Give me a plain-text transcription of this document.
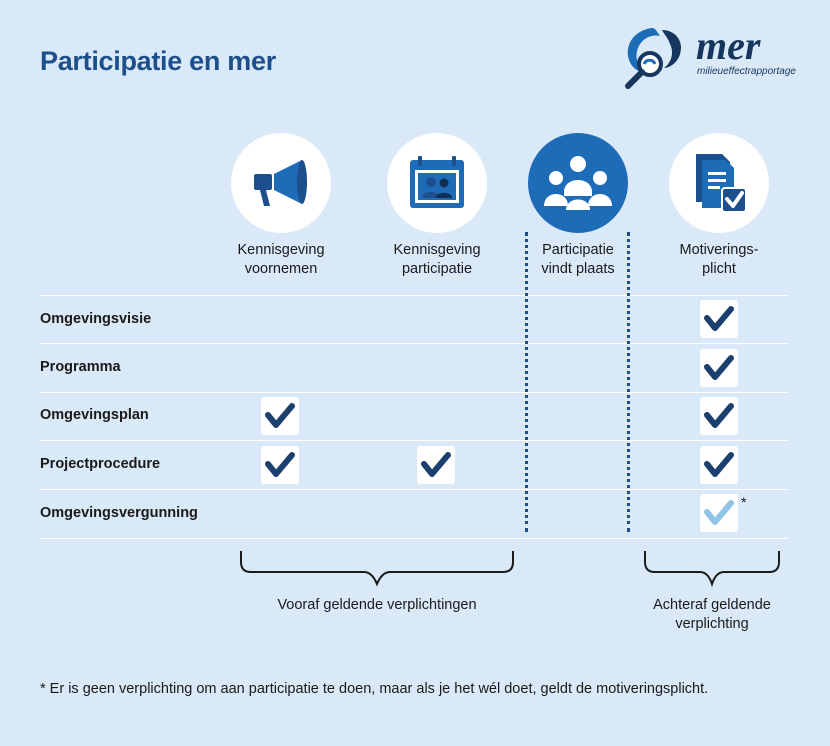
Participatie en mer	mer
milieueffectrapportage
Kennisgeving
voornemen
Kennisgeving
participatie
Participatie
vindt plaats
Motiverings-
plicht
Omgevingsvisie
Programma
Omgevingsplan
Projectprocedure
Omgevingsvergunning
*
Vooraf geldende verplichtingen	Achteraf geldende
verplichting
* Er is geen verplichting om aan participatie te doen, maar als je het wél doet, geldt de motiveringsplicht.
